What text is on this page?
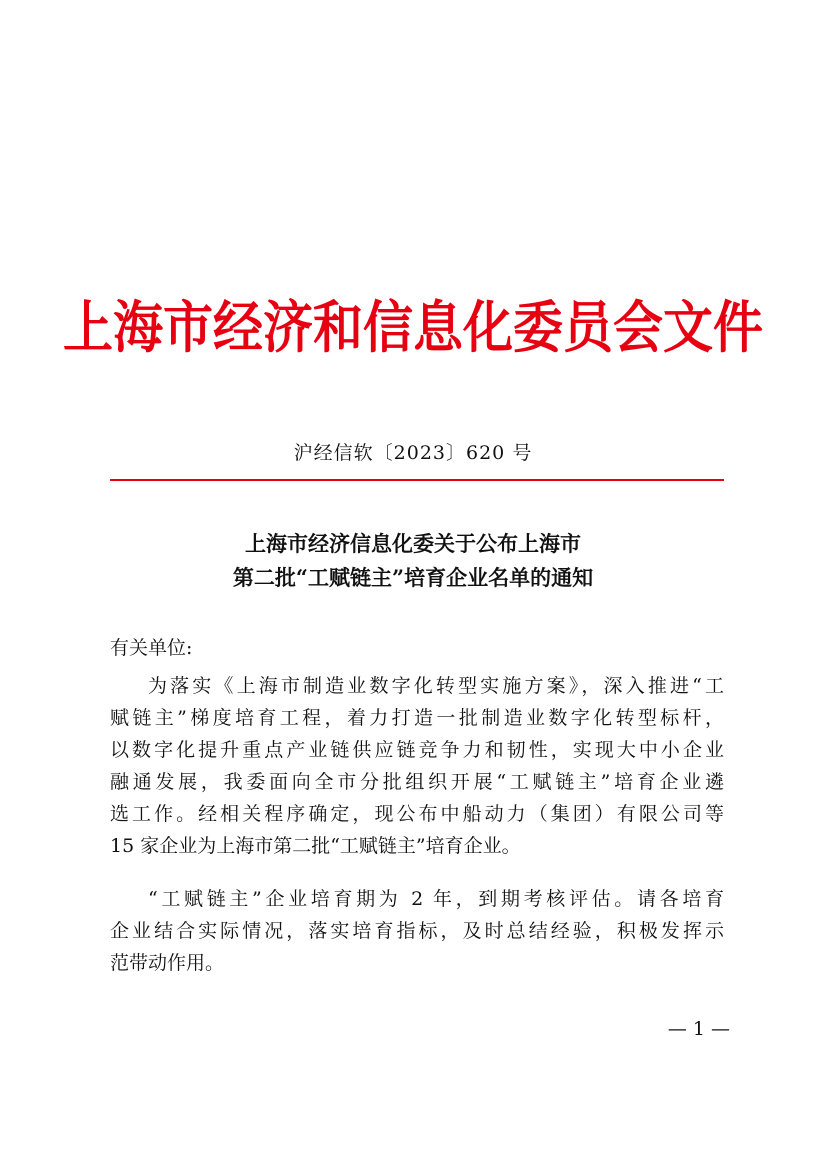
上海市经济和信息化委员会文件
沪经信软〔2023〕620 号
上海市经济信息化委关于公布上海市
第二批“工赋链主”培育企业名单的通知
有关单位:
为落实《上海市制造业数字化转型实施方案》，深入推进“工
赋链主”梯度培育工程，着力打造一批制造业数字化转型标杆，
以数字化提升重点产业链供应链竞争力和韧性，实现大中小企业
融通发展，我委面向全市分批组织开展“工赋链主”培育企业遴
选工作。经相关程序确定，现公布中船动力（集团）有限公司等
15 家企业为上海市第二批“工赋链主”培育企业。
“工赋链主”企业培育期为 2 年，到期考核评估。请各培育
企业结合实际情况，落实培育指标，及时总结经验，积极发挥示
范带动作用。
— 1 —
